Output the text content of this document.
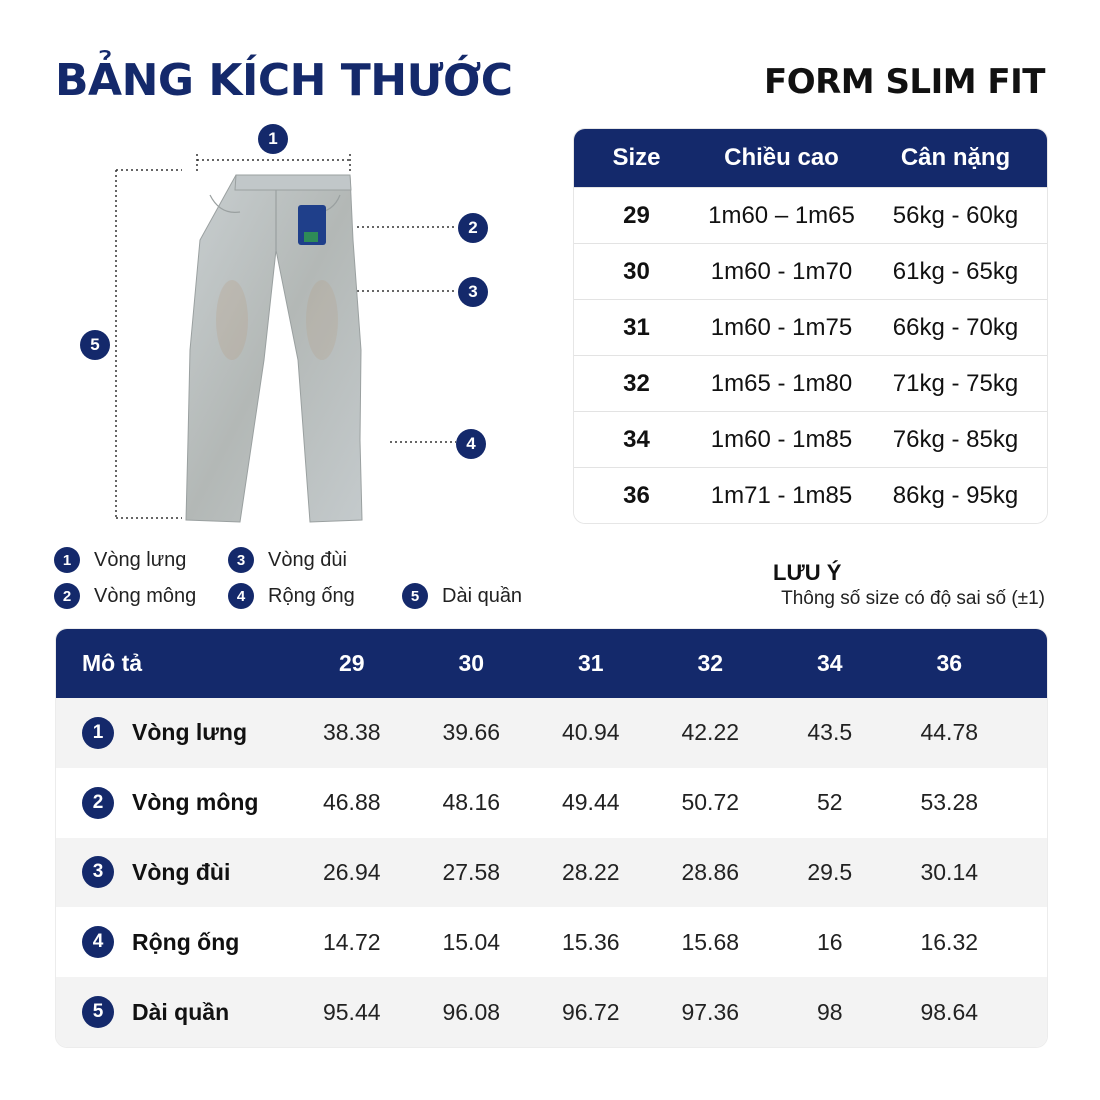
BẢNG KÍCH THƯỚC	FORM SLIM FIT
1
2
3
4
5
Size	Chiều cao	Cân nặng
29	1m60 – 1m65	56kg - 60kg
30	1m60 - 1m70	61kg - 65kg
31	1m60 - 1m75	66kg - 70kg
32	1m65 - 1m80	71kg - 75kg
34	1m60 - 1m85	76kg - 85kg
36	1m71 - 1m85	86kg - 95kg
1	Vòng lưng
2	Vòng mông
3	Vòng đùi
4	Rộng ống	5	Dài quần
LƯU Ý
Thông số size có độ sai số (±1)
Mô tả	29	30	31	32	34	36
1	Vòng lưng	38.38	39.66	40.94	42.22	43.5	44.78
2	Vòng mông	46.88	48.16	49.44	50.72	52	53.28
3	Vòng đùi	26.94	27.58	28.22	28.86	29.5	30.14
4	Rộng ống	14.72	15.04	15.36	15.68	16	16.32
5	Dài quần	95.44	96.08	96.72	97.36	98	98.64
